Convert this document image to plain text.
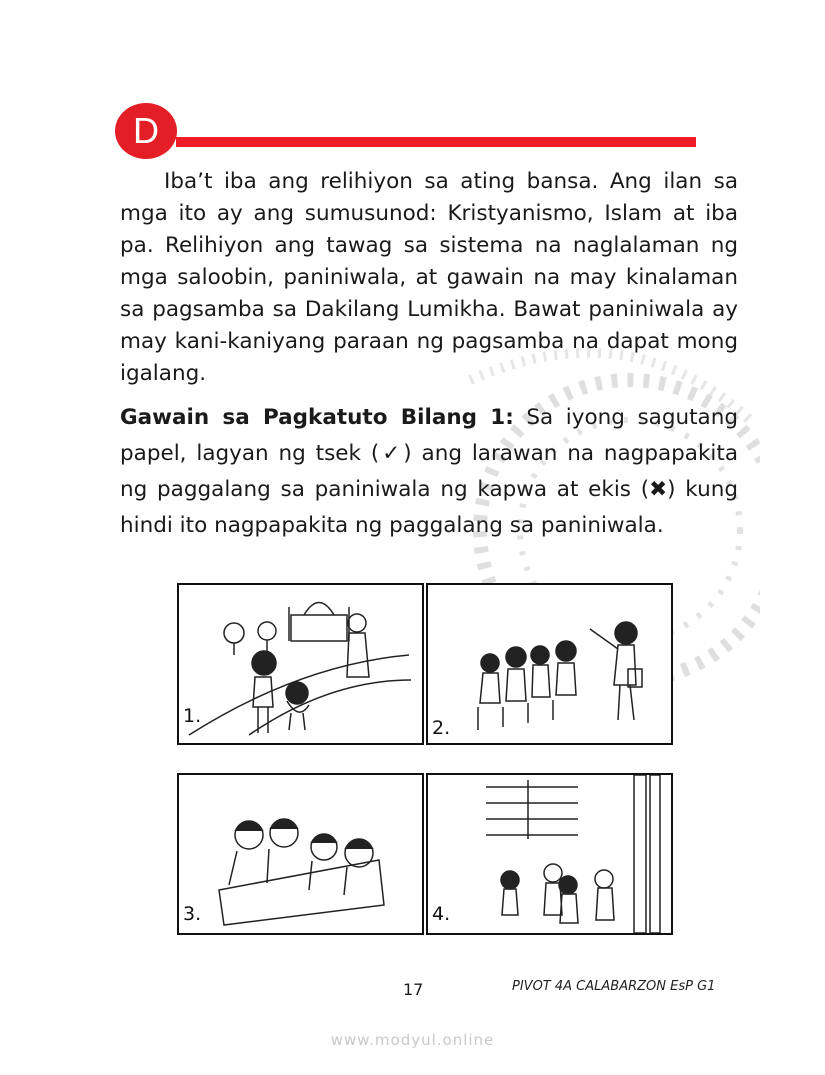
D

Iba’t iba ang relihiyon sa ating bansa. Ang ilan sa mga ito ay ang sumusunod: Kristyanismo, Islam at iba pa. Relihiyon ang tawag sa sistema na naglalaman ng mga saloobin, paniniwala, at gawain na may kinalaman sa pagsamba sa Dakilang Lumikha. Bawat paniniwala ay may kani-kaniyang paraan ng pagsamba na dapat mong igalang.

Gawain sa Pagkatuto Bilang 1: Sa iyong sagutang papel, lagyan ng tsek (✓) ang larawan na nagpapakita ng paggalang sa paniniwala ng kapwa at ekis (✖) kung hindi ito nagpapakita ng paggalang sa paniniwala.

1.
2.
3.	4.
17	PIVOT 4A CALABARZON EsP G1
www.modyul.online
